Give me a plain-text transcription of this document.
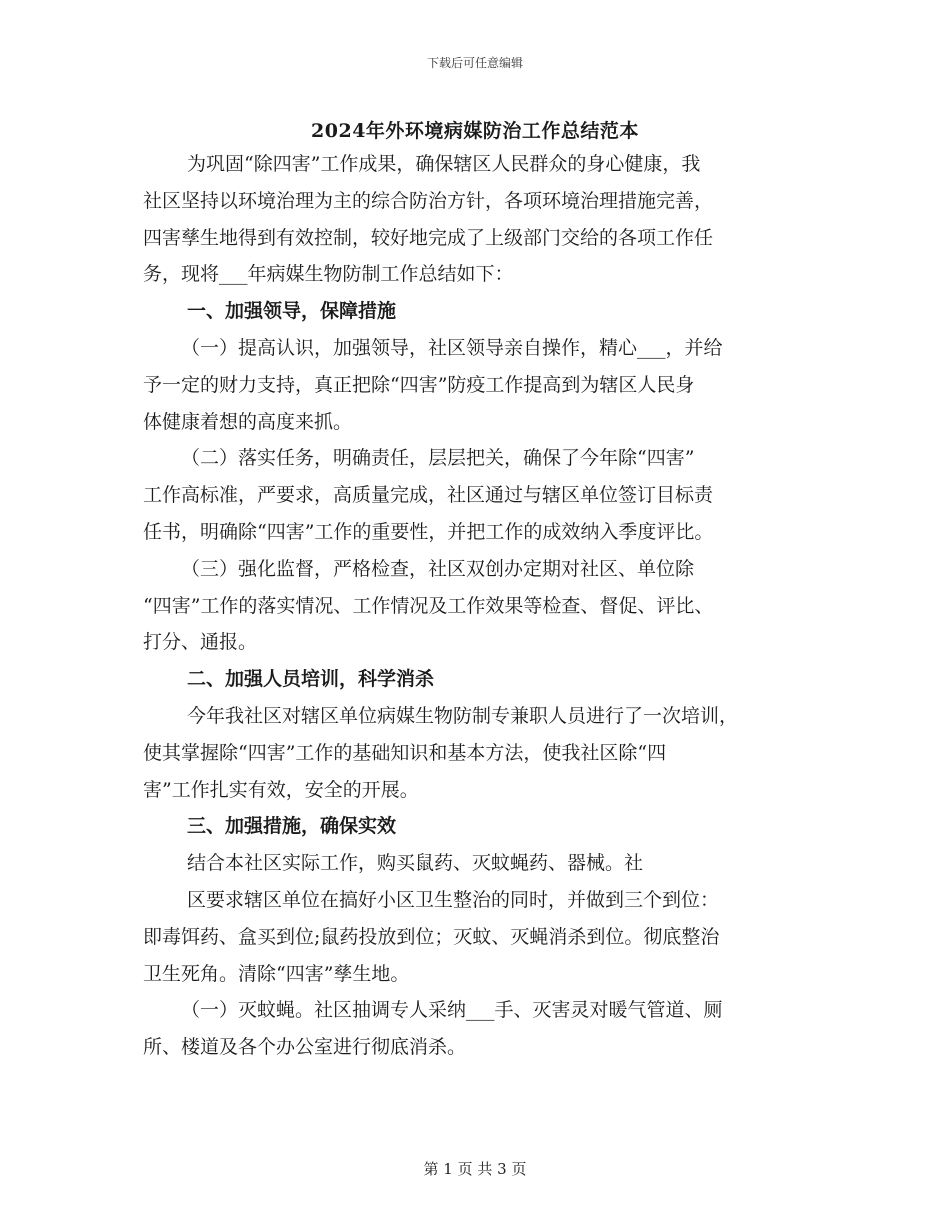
下载后可任意编辑
2024年外环境病媒防治工作总结范本
为巩固“除四害”工作成果，确保辖区人民群众的身心健康，我
社区坚持以环境治理为主的综合防治方针，各项环境治理措施完善，
四害孳生地得到有效控制，较好地完成了上级部门交给的各项工作任
务，现将___年病媒生物防制工作总结如下：
一、加强领导，保障措施
（一）提高认识，加强领导，社区领导亲自操作，精心___，并给
予一定的财力支持，真正把除“四害”防疫工作提高到为辖区人民身
体健康着想的高度来抓。
（二）落实任务，明确责任，层层把关，确保了今年除“四害”
工作高标准，严要求，高质量完成，社区通过与辖区单位签订目标责
任书，明确除“四害”工作的重要性，并把工作的成效纳入季度评比。
（三）强化监督，严格检查，社区双创办定期对社区、单位除
“四害”工作的落实情况、工作情况及工作效果等检查、督促、评比、
打分、通报。
二、加强人员培训，科学消杀
今年我社区对辖区单位病媒生物防制专兼职人员进行了一次培训，
使其掌握除“四害”工作的基础知识和基本方法，使我社区除“四
害”工作扎实有效，安全的开展。
三、加强措施，确保实效
结合本社区实际工作，购买鼠药、灭蚊蝇药、器械。社
区要求辖区单位在搞好小区卫生整治的同时，并做到三个到位：
即毒饵药、盒买到位;鼠药投放到位；灭蚊、灭蝇消杀到位。彻底整治
卫生死角。清除“四害”孳生地。
（一）灭蚊蝇。社区抽调专人采纳___手、灭害灵对暖气管道、厕
所、楼道及各个办公室进行彻底消杀。
第 1 页 共 3 页
